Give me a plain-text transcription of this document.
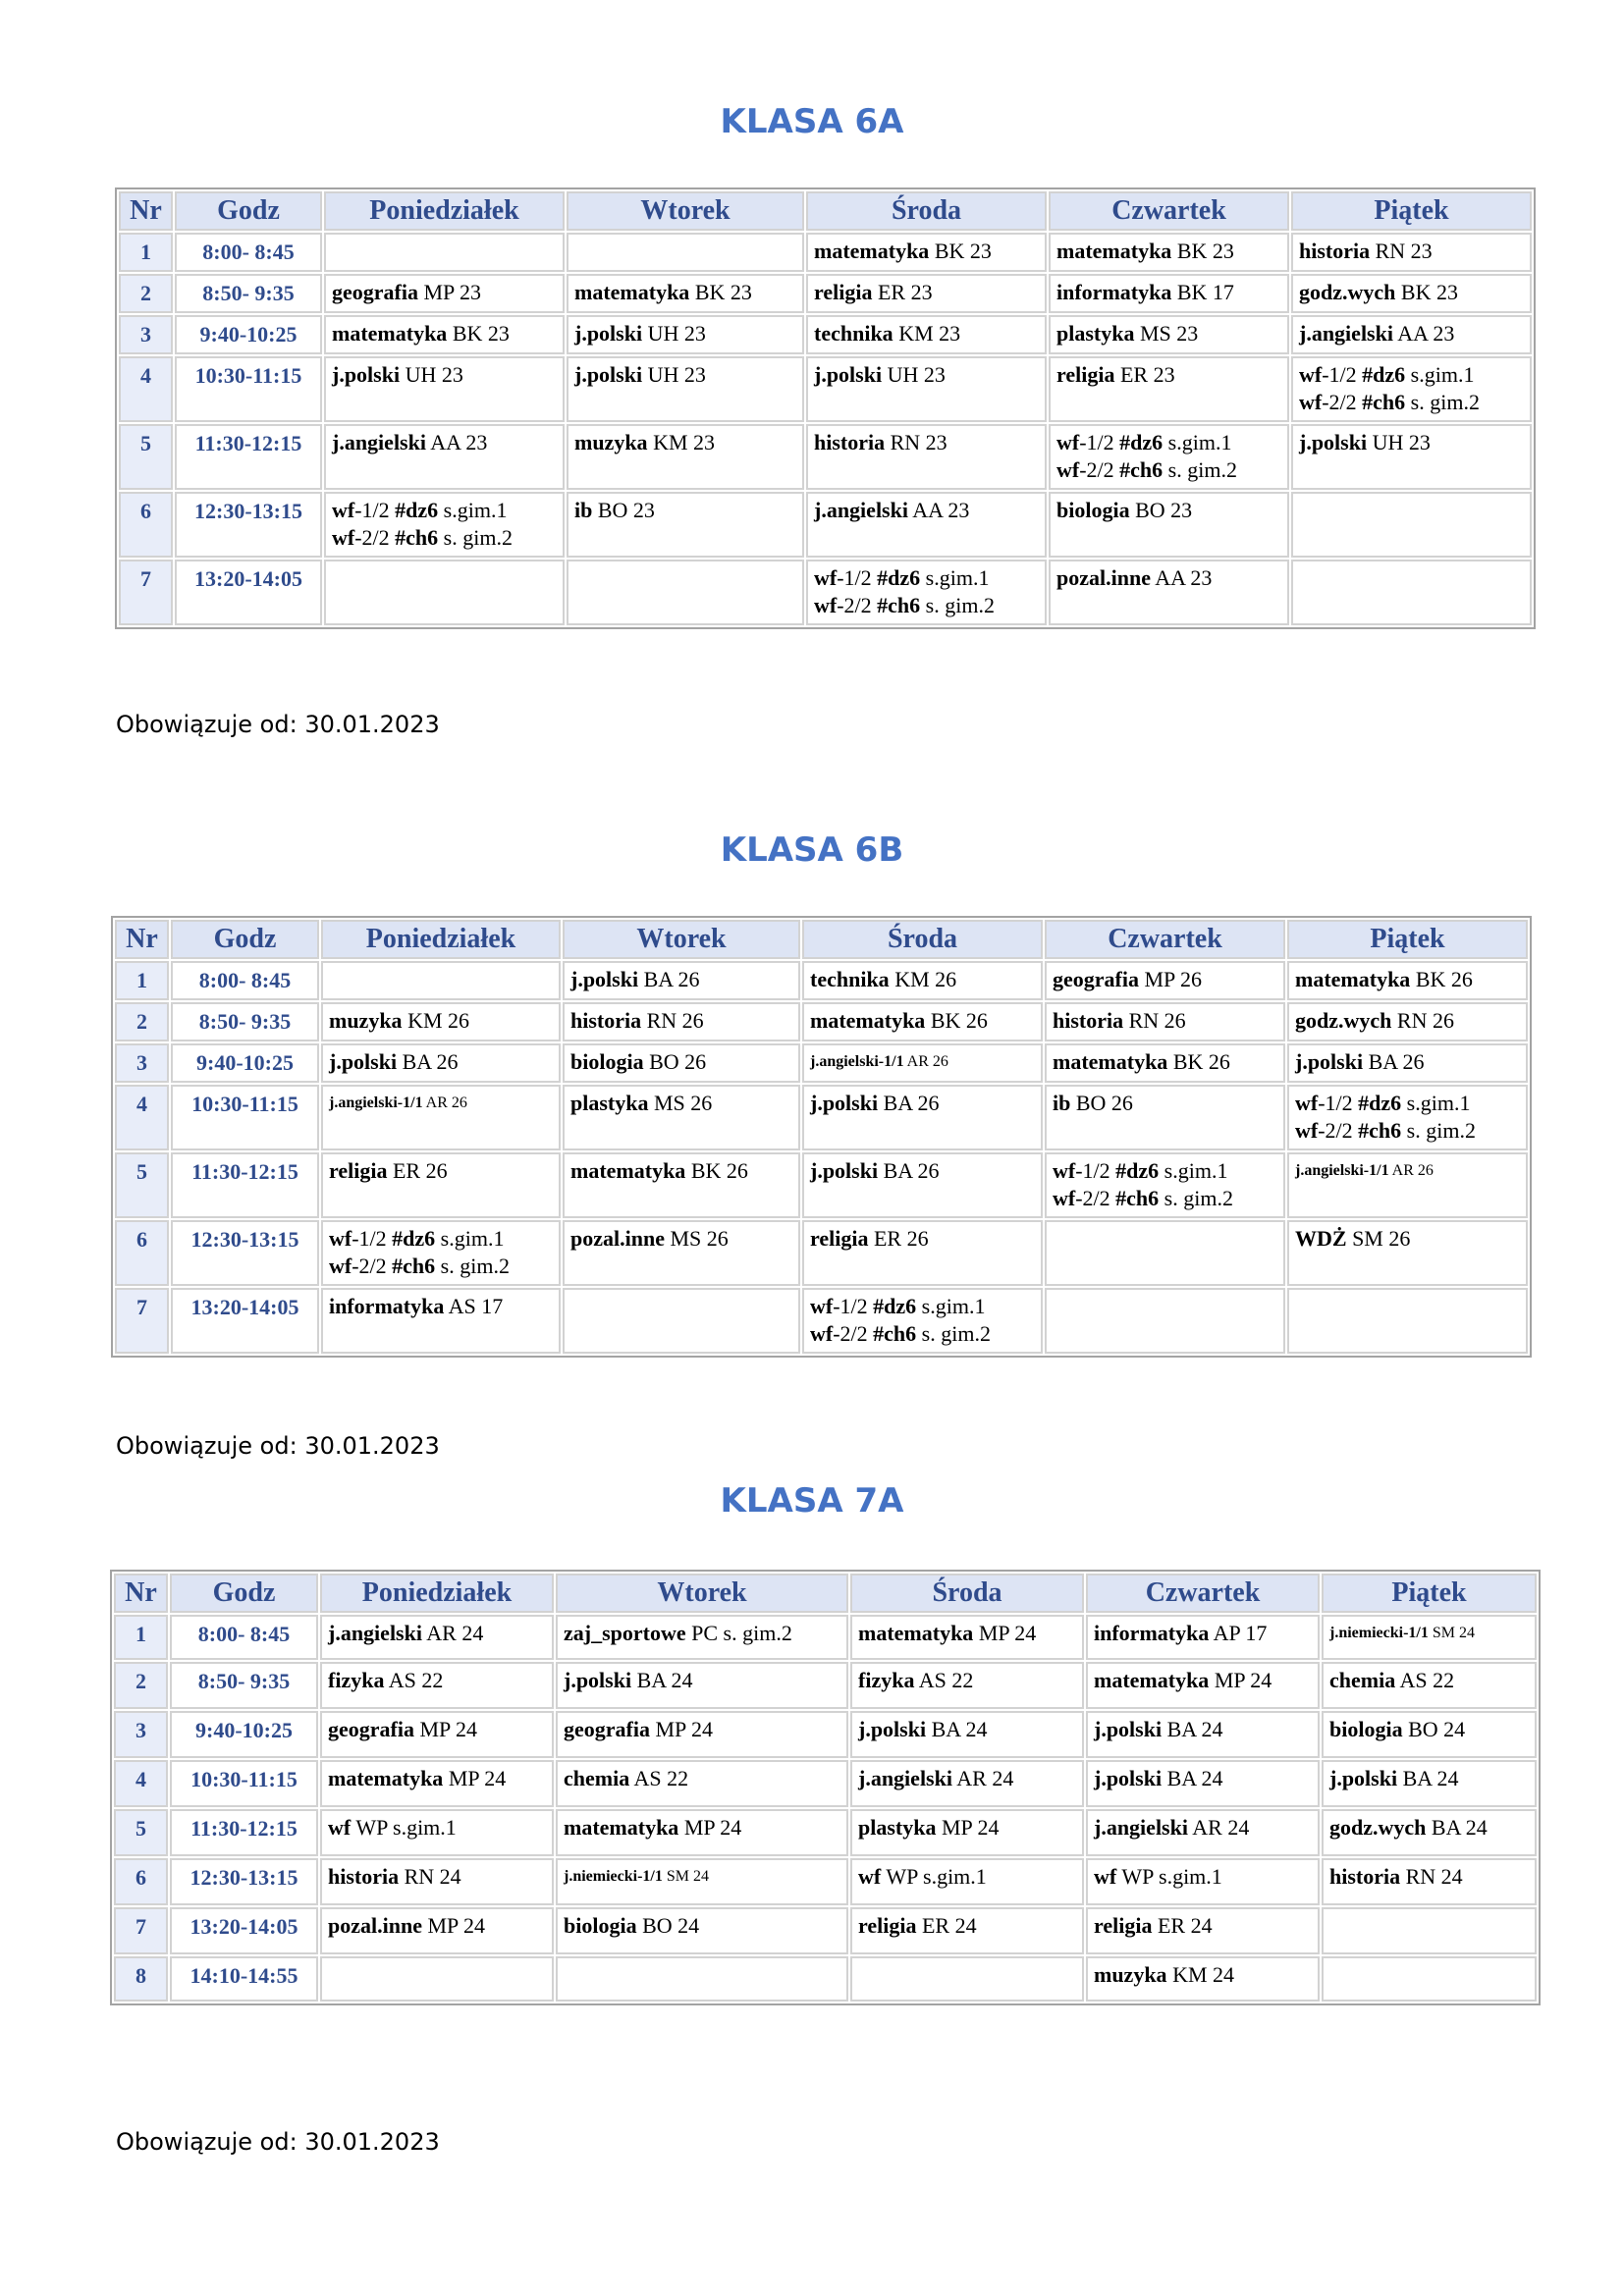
KLASA 6A
Nr	Godz	Poniedziałek	Wtorek	Środa	Czwartek	Piątek
1	8:00- 8:45			matematyka BK 23	matematyka BK 23	historia RN 23

2	8:50- 9:35	geografia MP 23	matematyka BK 23	religia ER 23	informatyka BK 17	godz.wych BK 23

3	9:40-10:25	matematyka BK 23	j.polski UH 23	technika KM 23	plastyka MS 23	j.angielski AA 23

4	10:30-11:15	j.polski UH 23	j.polski UH 23	j.polski UH 23	religia ER 23	wf-1/2 #dz6 s.gim.1
wf-2/2 #ch6 s. gim.2

5	11:30-12:15	j.angielski AA 23	muzyka KM 23	historia RN 23	wf-1/2 #dz6 s.gim.1
wf-2/2 #ch6 s. gim.2	j.polski UH 23

6	12:30-13:15	wf-1/2 #dz6 s.gim.1
wf-2/2 #ch6 s. gim.2	ib BO 23	j.angielski AA 23	biologia BO 23	

7	13:20-14:05			wf-1/2 #dz6 s.gim.1
wf-2/2 #ch6 s. gim.2	pozal.inne AA 23	

Obowiązuje od: 30.01.2023
KLASA 6B
Nr	Godz	Poniedziałek	Wtorek	Środa	Czwartek	Piątek
1	8:00- 8:45		j.polski BA 26	technika KM 26	geografia MP 26	matematyka BK 26

2	8:50- 9:35	muzyka KM 26	historia RN 26	matematyka BK 26	historia RN 26	godz.wych RN 26

3	9:40-10:25	j.polski BA 26	biologia BO 26	j.angielski-1/1 AR 26	matematyka BK 26	j.polski BA 26

4	10:30-11:15	j.angielski-1/1 AR 26	plastyka MS 26	j.polski BA 26	ib BO 26	wf-1/2 #dz6 s.gim.1
wf-2/2 #ch6 s. gim.2

5	11:30-12:15	religia ER 26	matematyka BK 26	j.polski BA 26	wf-1/2 #dz6 s.gim.1
wf-2/2 #ch6 s. gim.2	j.angielski-1/1 AR 26

6	12:30-13:15	wf-1/2 #dz6 s.gim.1
wf-2/2 #ch6 s. gim.2	pozal.inne MS 26	religia ER 26		WDŻ SM 26

7	13:20-14:05	informatyka AS 17		wf-1/2 #dz6 s.gim.1
wf-2/2 #ch6 s. gim.2		

Obowiązuje od: 30.01.2023
KLASA 7A
Nr	Godz	Poniedziałek	Wtorek	Środa	Czwartek	Piątek
1	8:00- 8:45	j.angielski AR 24	zaj_sportowe PC s. gim.2	matematyka MP 24	informatyka AP 17	j.niemiecki-1/1 SM 24

2	8:50- 9:35	fizyka AS 22	j.polski BA 24	fizyka AS 22	matematyka MP 24	chemia AS 22

3	9:40-10:25	geografia MP 24	geografia MP 24	j.polski BA 24	j.polski BA 24	biologia BO 24

4	10:30-11:15	matematyka MP 24	chemia AS 22	j.angielski AR 24	j.polski BA 24	j.polski BA 24

5	11:30-12:15	wf WP s.gim.1	matematyka MP 24	plastyka MP 24	j.angielski AR 24	godz.wych BA 24

6	12:30-13:15	historia RN 24	j.niemiecki-1/1 SM 24	wf WP s.gim.1	wf WP s.gim.1	historia RN 24

7	13:20-14:05	pozal.inne MP 24	biologia BO 24	religia ER 24	religia ER 24	

8	14:10-14:55				muzyka KM 24	

Obowiązuje od: 30.01.2023
